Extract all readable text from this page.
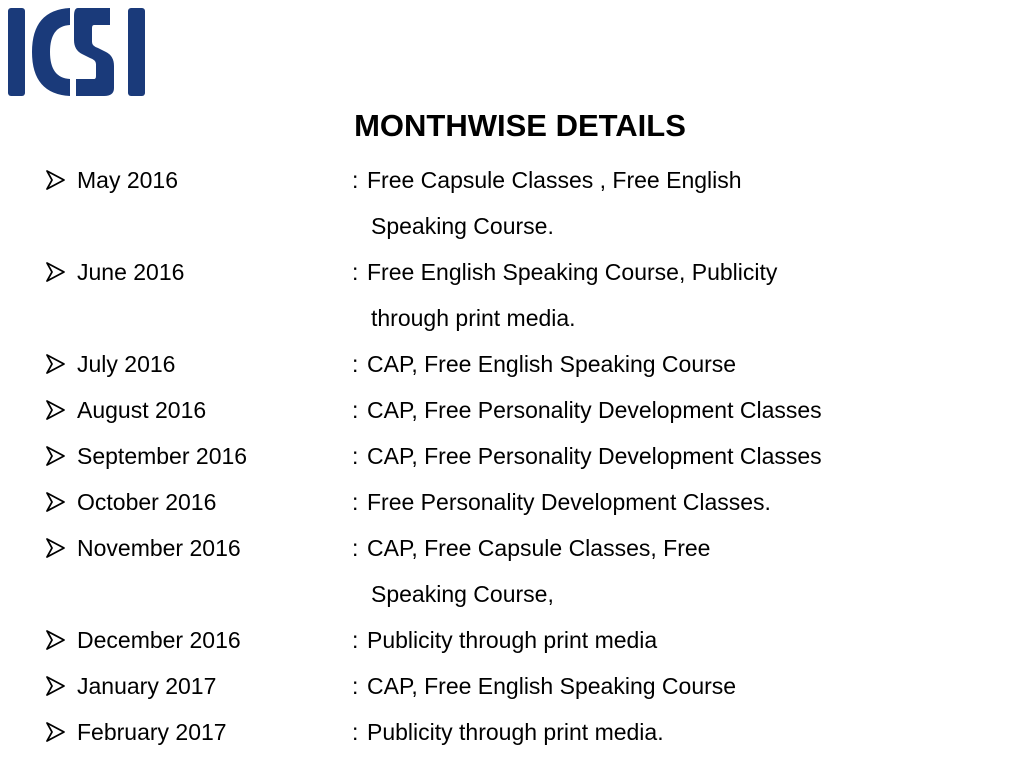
MONTHWISE DETAILS
May 2016	: Free Capsule Classes , Free English
Speaking Course.
June 2016	: Free English Speaking Course, Publicity
through print media.
July 2016	: CAP, Free English Speaking Course
August 2016	: CAP, Free Personality Development Classes
September 2016	: CAP, Free Personality Development Classes
October 2016	: Free Personality Development Classes.
November 2016	: CAP, Free Capsule Classes, Free
Speaking Course,
December 2016	: Publicity through print media
January 2017	: CAP, Free English Speaking Course
February 2017	: Publicity through print media.
